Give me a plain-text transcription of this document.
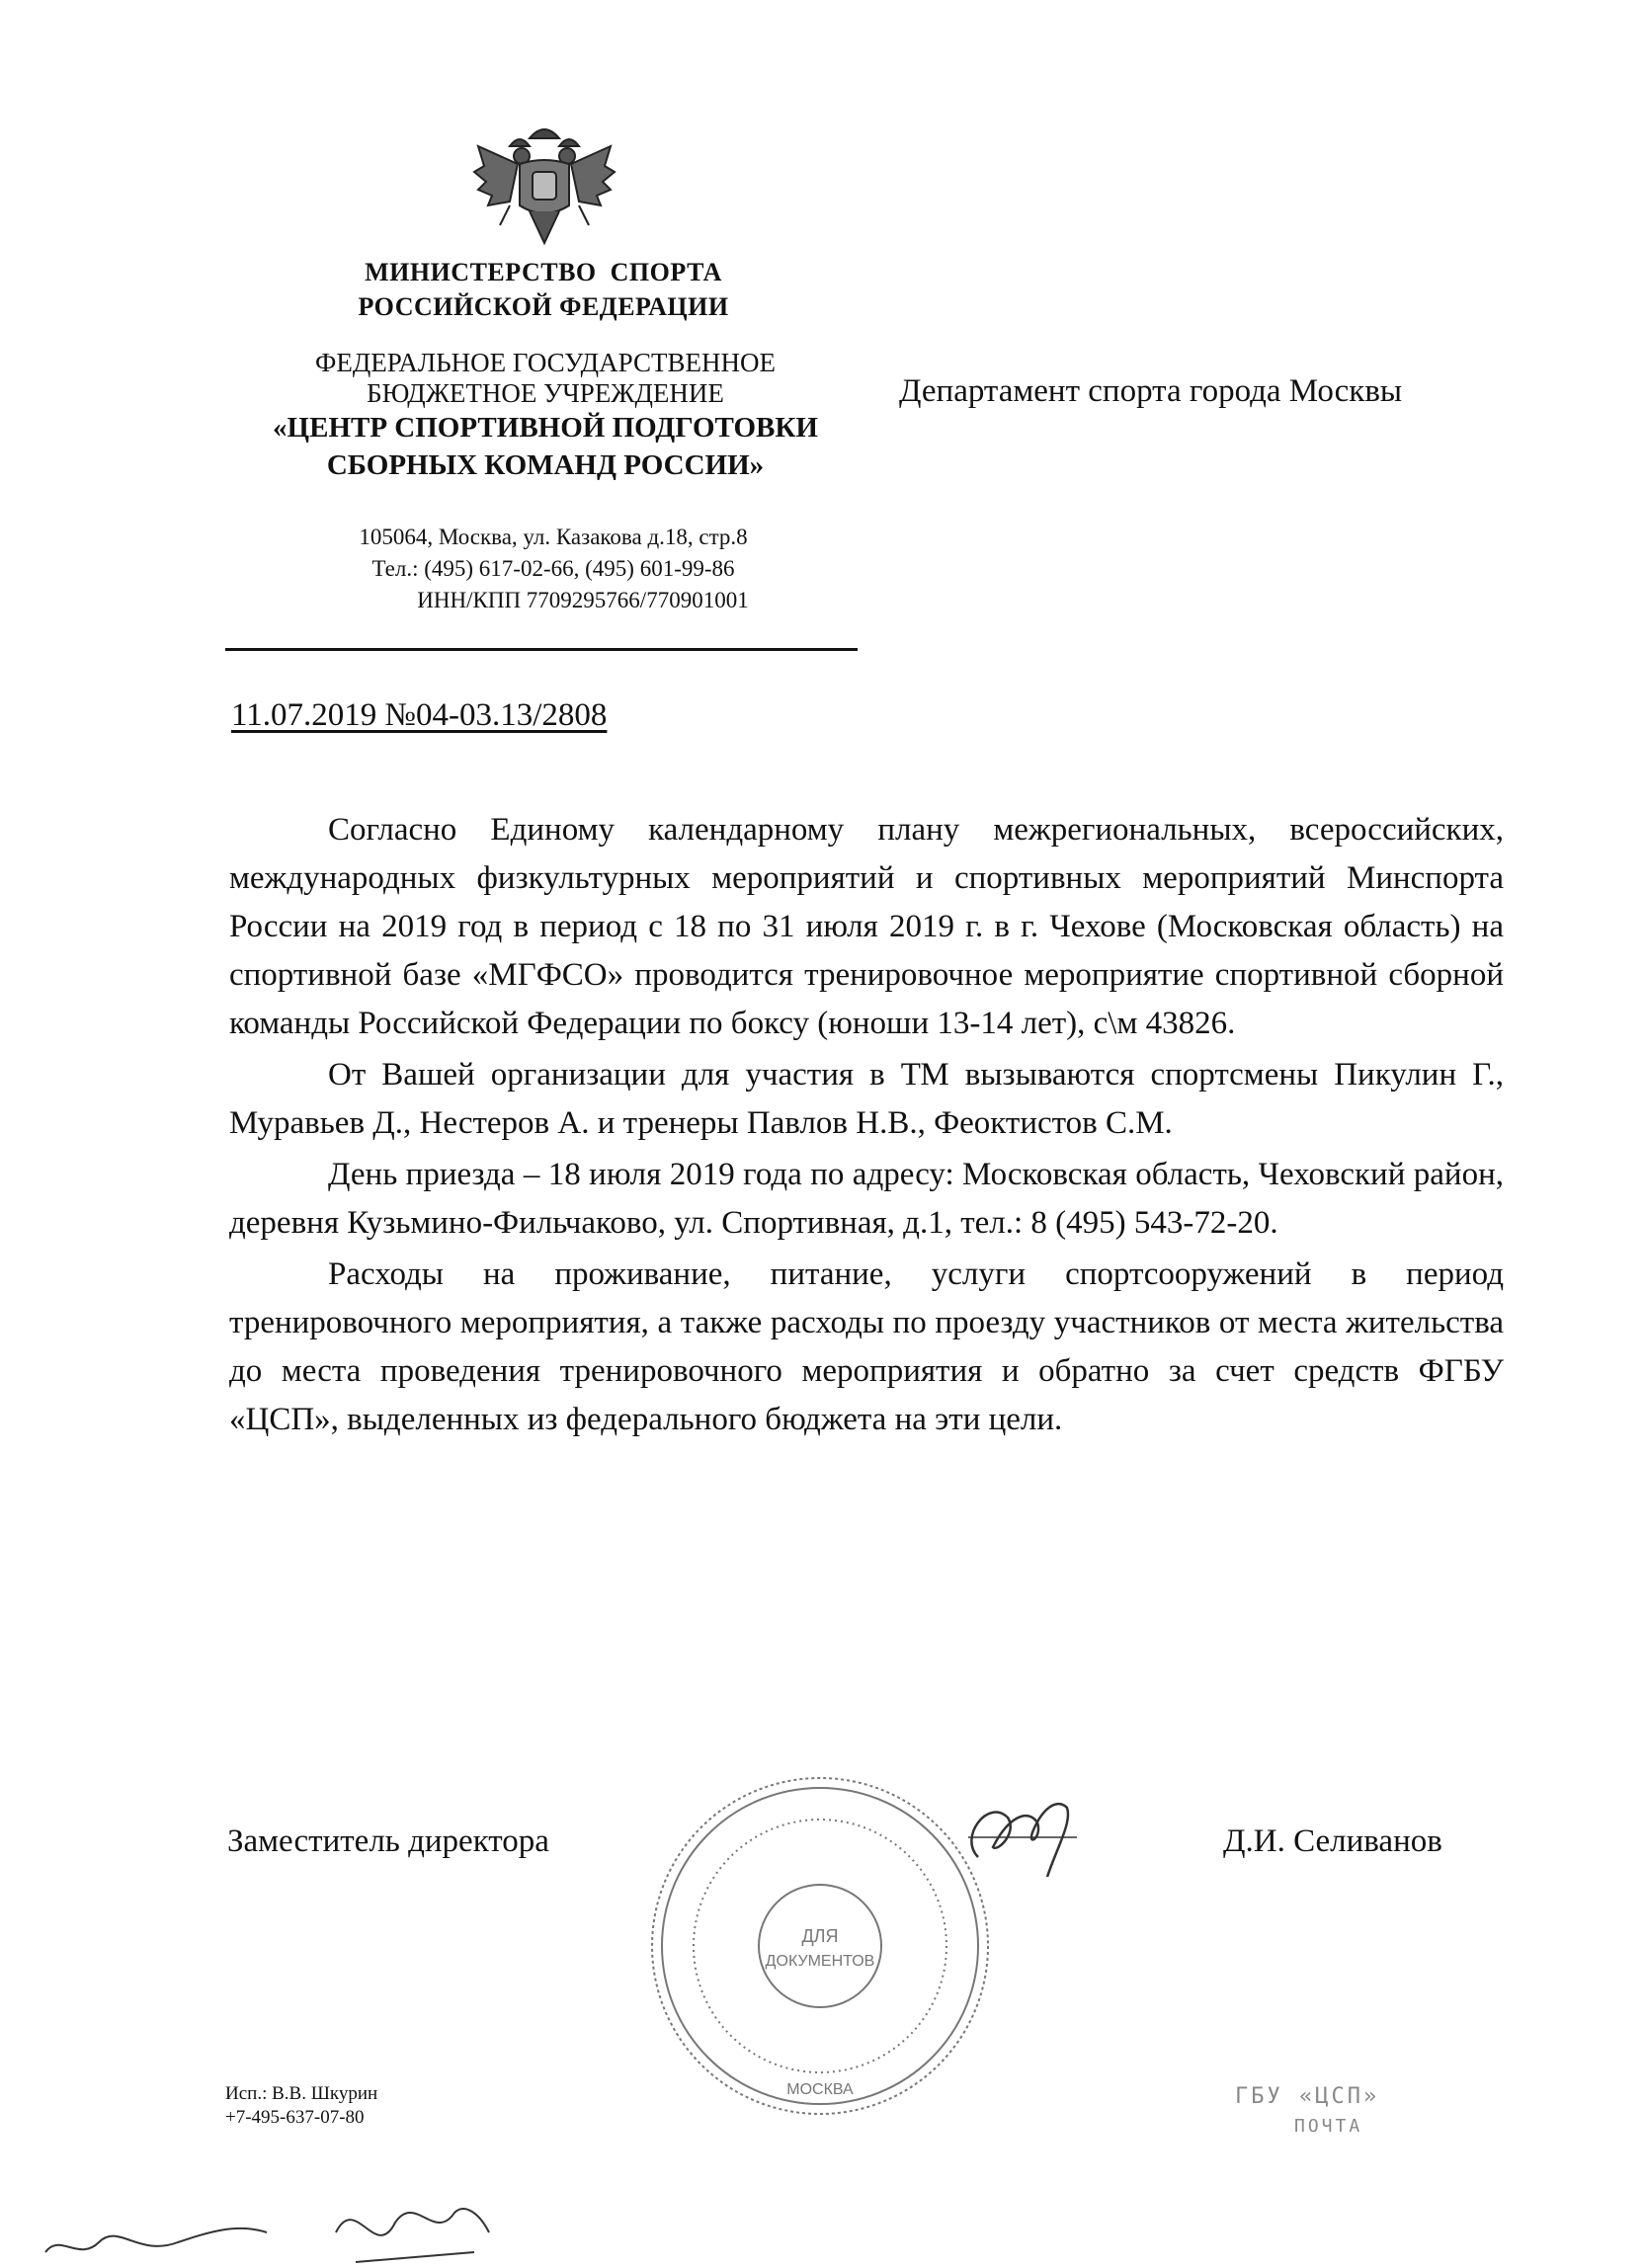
МИНИСТЕРСТВО  СПОРТА
РОССИЙСКОЙ ФЕДЕРАЦИИ
ФЕДЕРАЛЬНОЕ ГОСУДАРСТВЕННОЕ
БЮДЖЕТНОЕ УЧРЕЖДЕНИЕ
«ЦЕНТР СПОРТИВНОЙ ПОДГОТОВКИ
СБОРНЫХ КОМАНД РОССИИ»
105064, Москва, ул. Казакова д.18, стр.8
Тел.: (495) 617-02-66, (495) 601-99-86
ИНН/КПП 7709295766/770901001
Департамент спорта города Москвы
11.07.2019 №04-03.13/2808

Согласно Единому календарному плану межрегиональных, всероссийских, международных физкультурных мероприятий и спортивных мероприятий Минспорта России на 2019 год в период с 18 по 31 июля 2019 г. в г. Чехове (Московская область) на спортивной базе «МГФСО» проводится тренировочное мероприятие спортивной сборной команды Российской Федерации по боксу (юноши 13-14 лет), с\м 43826.

От Вашей организации для участия в ТМ вызываются спортсмены Пикулин Г., Муравьев Д., Нестеров А. и тренеры Павлов Н.В., Феоктистов С.М.

День приезда – 18 июля 2019 года по адресу: Московская область, Чеховский район, деревня Кузьмино-Фильчаково, ул. Спортивная, д.1, тел.: 8 (495) 543-72-20.

Расходы на проживание, питание, услуги спортсооружений в период тренировочного мероприятия, а также расходы по проезду участников от места жительства до места проведения тренировочного мероприятия и обратно за счет средств ФГБУ «ЦСП», выделенных из федерального бюджета на эти цели.

ДЛЯ
ДОКУМЕНТОВ
МОСКВА
Заместитель директора	Д.И. Селиванов
Исп.: В.В. Шкурин
+7-495-637-07-80
ГБУ «ЦСП»
ПОЧТА
